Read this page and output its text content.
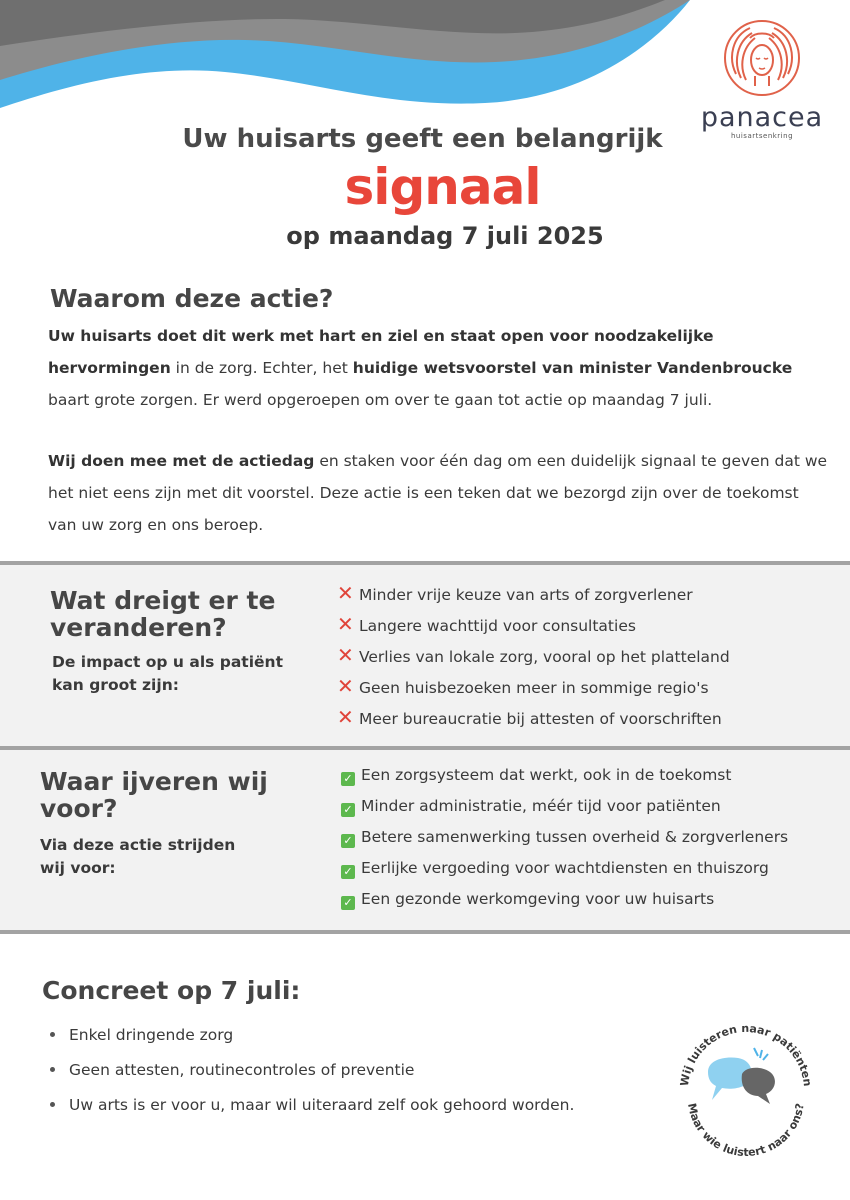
panacea
huisartsenkring
Uw huisarts geeft een belangrijk
signaal
op maandag 7 juli 2025
Waarom deze actie?
Uw huisarts doet dit werk met hart en ziel en staat open voor noodzakelijke hervormingen in de zorg. Echter, het huidige wetsvoorstel van minister Vandenbroucke baart grote zorgen. Er werd opgeroepen om over te gaan tot actie op maandag 7 juli.
Wij doen mee met de actiedag en staken voor één dag om een duidelijk signaal te geven dat we het niet eens zijn met dit voorstel. Deze actie is een teken dat we bezorgd zijn over de toekomst van uw zorg en ons beroep.
Wat dreigt er te
veranderen?
De impact op u als patiënt
kan groot zijn:
✕ Minder vrije keuze van arts of zorgverlener
✕ Langere wachttijd voor consultaties
✕ Verlies van lokale zorg, vooral op het platteland
✕ Geen huisbezoeken meer in sommige regio's
✕ Meer bureaucratie bij attesten of voorschriften
Waar ijveren wij
voor?
Via deze actie strijden
wij voor:
✓ Een zorgsysteem dat werkt, ook in de toekomst
✓ Minder administratie, méér tijd voor patiënten
✓ Betere samenwerking tussen overheid & zorgverleners
✓ Eerlijke vergoeding voor wachtdiensten en thuiszorg
✓ Een gezonde werkomgeving voor uw huisarts
Concreet op 7 juli:
Enkel dringende zorg
Geen attesten, routinecontroles of preventie
Uw arts is er voor u, maar wil uiteraard zelf ook gehoord worden.
Wij luisteren naar patiënten
Maar wie luistert naar ons?
